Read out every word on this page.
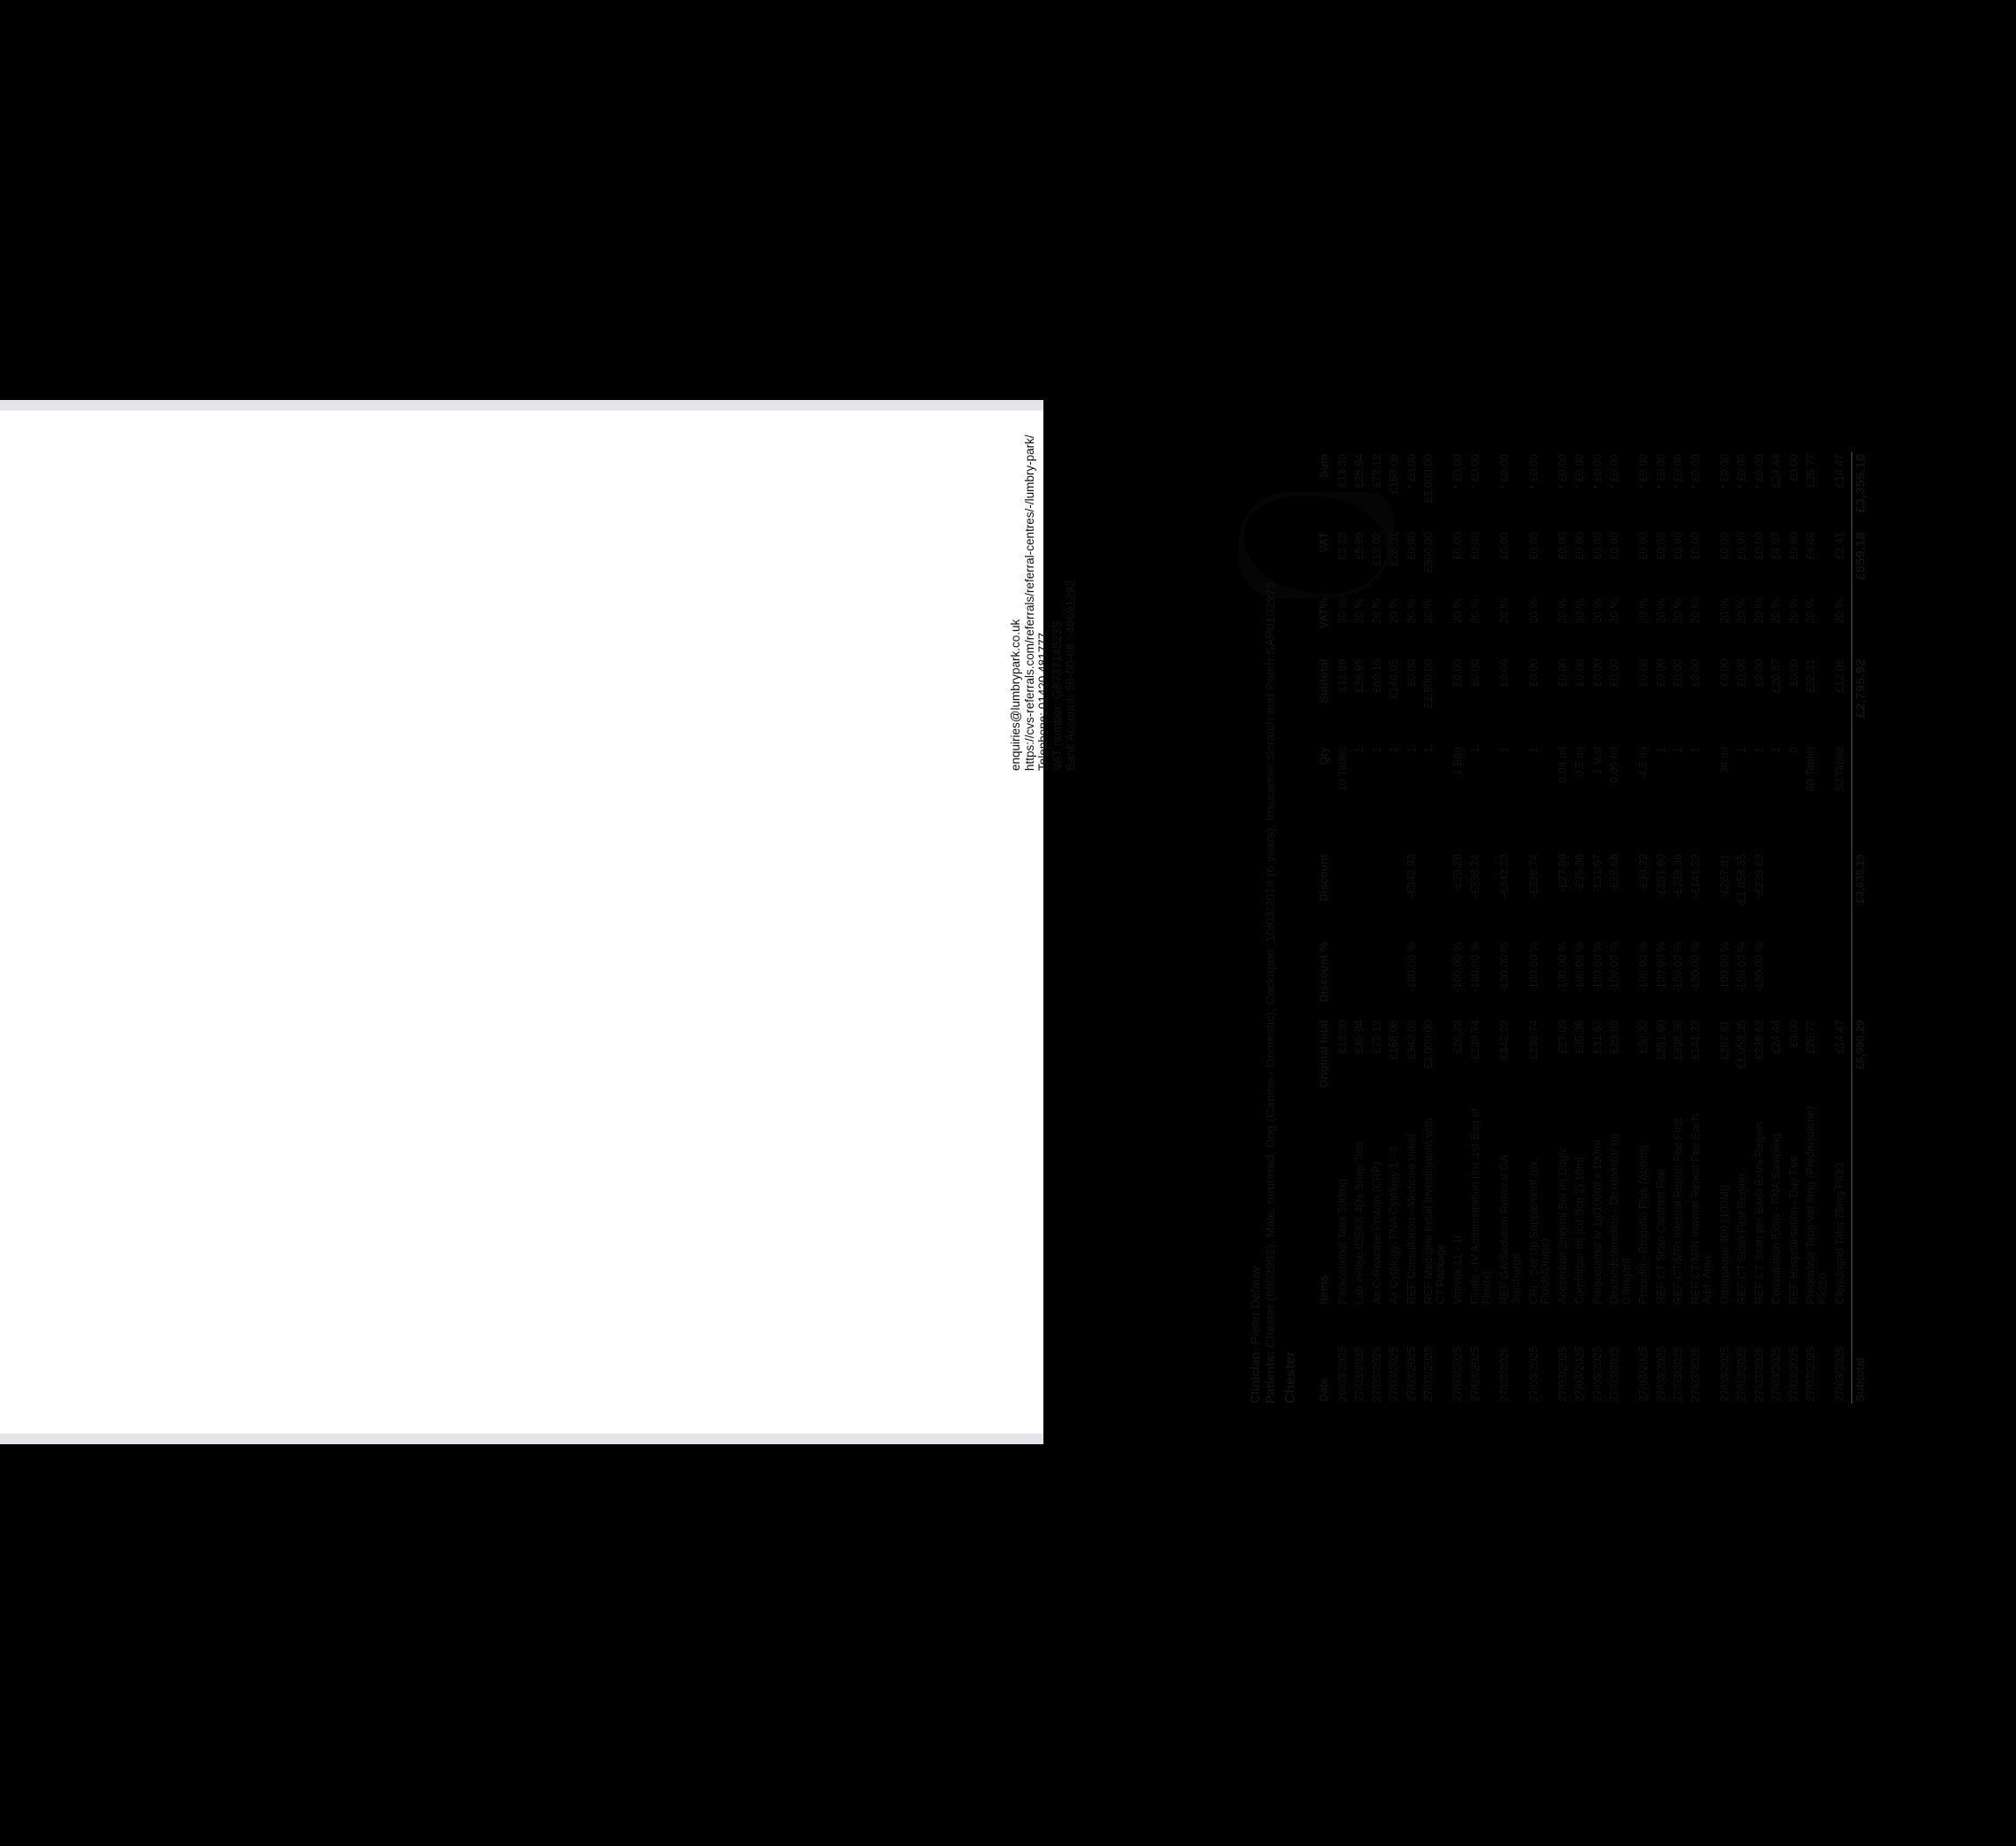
enquiries@lumbrypark.co.uk https://cvs-referrals.com/referrals/referral-centres/-/lumbry-park/ Telephone: 01420 481777 VAT number: GB73714523S Bank Account: 56-00-68 : 40691292
Clinician: Pieter Defauw
Patients: Chester (6902982), Male, neutered, Dog (Canine - Domestic), Cockapoo, 10/03/2019 (6 years), Insurance: Scratch and Patch SAP0102976
Chester Date	Items	Original total	Discount %	Discount	Qty	Subtotal	VAT%	VAT	Sum
26/03/2025	Paracetamol Tabs 500mg	£13.30			10 Tablet	£11.08	20 %	£2.22	£13.30
27/03/2025	Lab in-hse IDEXX 4Dx Snap Test	£35.94			1	£29.95	20 %	£5.99	£35.94
27/03/2025	Ax C-Reactive Protein (CRP)	£72.12			1	£60.10	20 %	£12.02	£72.12
27/03/2025	Ax Cytology: FNA Cytology 1 - 3	£168.06			1	£140.05	20 %	£28.01	£168.06
27/03/2025	REF Consultation - Medicine Initial	£343.93	-100.00 %	-£343.93	1	£0.00	20 %	£0.00	* £0.00
27/03/2025	REF Medicine Initial Investigation with CT Package	£3,000.00			1	£2,500.00	20 %	£500.00	£3,000.00
27/03/2025	Vetivex 11 - 1l	£20.28	-100.00 %	-£20.28	1 Bag	£0.00	20 %	£0.00	* £0.00
27/03/2025	Fluids - IV Administration (inc 1st Bag of Fluids)	£238.74	-100.00 %	-£238.74	1	£0.00	20 %	£0.00	* £0.00
27/03/2025	REF GA/Sedation Referral GA Surcharge	£342.32	-100.00 %	-£342.32	1	£0.00	20 %	£0.00	* £0.00
27/03/2025	CRI - Set Up Supplement (ex. Fluids/Drugs)	£238.74	-100.00 %	-£238.74	1	£0.00	20 %	£0.00	* £0.00
27/03/2025	Acesedate 2mg/ml Sol Inj Dog/c	£27.09	-100.00 %	-£27.09	0.04 ml	£0.00	20 %	£0.00	* £0.00
27/03/2025	Comfortan Inj (cd Sch 2) 10ml	£35.36	-100.00 %	-£35.36	0.5 ml	£0.00	20 %	£0.00	* £0.00
27/03/2025	Paracetamol Iv 1g/100ml x 100ml	£31.67	-100.00 %	-£31.67	1 Vial	£0.00	20 %	£0.00	* £0.00
27/03/2025	Dexmedetomidine - Dexdomitor Inj 0.5mg/ml	£29.68	-100.00 %	-£29.68	0.09 ml	£0.00	20 %	£0.00	* £0.00
27/03/2025	Propofol - Propoflo Plus (Abbott)	£30.32	-100.00 %	-£30.32	4.5 ml	£0.00	20 %	£0.00	* £0.00
27/03/2025	REF CT Scan Contrast Fee	£251.60	-100.00 %	-£251.60	1	£0.00	20 %	£0.00	* £0.00
27/03/2025	REF CT/MRI Internal Report Fee First	£338.36	-100.00 %	-£338.36	1	£0.00	20 %	£0.00	* £0.00
27/03/2025	REF CT/MRI Internal Report Fee Each Add. Area	£141.32	-100.00 %	-£141.32	1	£0.00	20 %	£0.00	* £0.00
27/03/2025	Omnipaque 300 (100Ml)	£267.81	-100.00 %	-£267.81	34 ml	£0.00	20 %	£0.00	* £0.00
27/03/2025	REF CT Scan First Region	£1,058.35	-100.00 %	-£1,058.35	1	£0.00	20 %	£0.00	* £0.00
27/03/2025	REF CT Scan per Each Extra Region	£239.62	-100.00 %	-£239.62	1	£0.00	20 %	£0.00	* £0.00
27/03/2025	Consultation Extra - FNA Sampling	£24.44			1	£20.37	20 %	£4.07	£24.44
27/03/2025	REF Hospitalisation - Day Fee	£0.00			0	£0.00	20 %	£0.00	£0.00
27/03/2025	Prednidale Tabs Vet 5mg (Prednisolone) Pk250	£26.77			80 Tablet	£22.31	20 %	£4.46	£26.77
27/03/2025	Clopidogrel Tabs 75mg Pk30	£14.47			30 Tablet	£12.06	20 %	£2.41	£14.47
Subtotal		£6,990.29		-£3,635.19		£2,795.92		£559.18	£3,355.10
